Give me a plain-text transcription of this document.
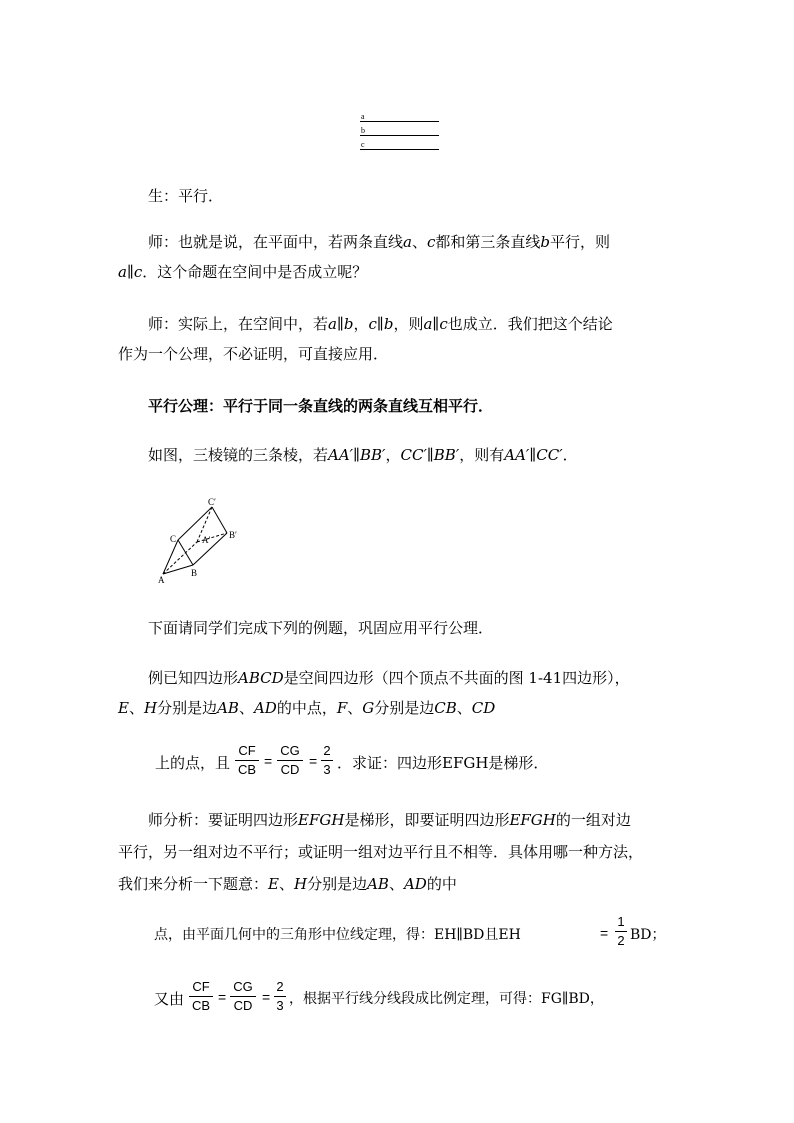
a
b
c
生：平行．
师：也就是说，在平面中，若两条直线a、c都和第三条直线b平行，则
a∥c．这个命题在空间中是否成立呢？
师：实际上，在空间中，若a∥b，c∥b，则a∥c也成立．我们把这个结论
作为一个公理，不必证明，可直接应用．
平行公理：平行于同一条直线的两条直线互相平行．
如图，三棱镜的三条棱，若AA′∥BB′，CC′∥BB′，则有AA′∥CC′．
C′
C	A′ B′
A
B
下面请同学们完成下列的例题，巩固应用平行公理．
例已知四边形ABCD是空间四边形（四个顶点不共面的图 1-41四边形），
E、H分别是边AB、AD的中点，F、G分别是边CB、CD
上的点，且
CF
CB
=
CG
CD
=
2
3 ．求证：四边形EFGH是梯形．
师分析：要证明四边形EFGH是梯形，即要证明四边形EFGH的一组对边
平行，另一组对边不平行；或证明一组对边平行且不相等．具体用哪一种方法，
我们来分析一下题意：E、H分别是边AB、AD的中
点，由平面几何中的三角形中位线定理，得：EH∥BD且EH	=
1
2 BD；
又由
CF
CB
=
CG
CD
=
2
3 ，根据平行线分线段成比例定理，可得：FG∥BD，
